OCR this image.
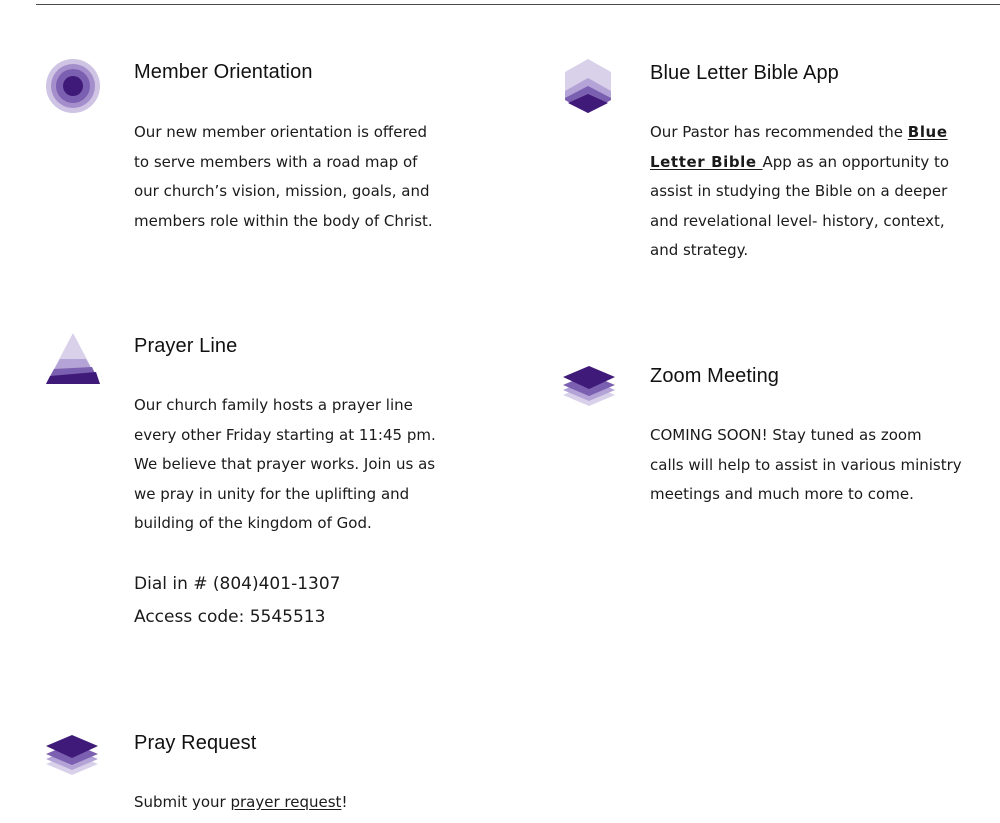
Member Orientation
Our new member orientation is offered
to serve members with a road map of
our church’s vision, mission, goals, and
members role within the body of Christ.
Blue Letter Bible App
Our Pastor has recommended the Blue
Letter Bible App as an opportunity to
assist in studying the Bible on a deeper
and revelational level- history, context,
and strategy.
Prayer Line
Our church family hosts a prayer line
every other Friday starting at 11:45 pm.
We believe that prayer works. Join us as
we pray in unity for the uplifting and
building of the kingdom of God.
Dial in # (804)401-1307
Access code: 5545513
Zoom Meeting
COMING SOON! Stay tuned as zoom
calls will help to assist in various ministry
meetings and much more to come.
Pray Request
Submit your prayer request!
